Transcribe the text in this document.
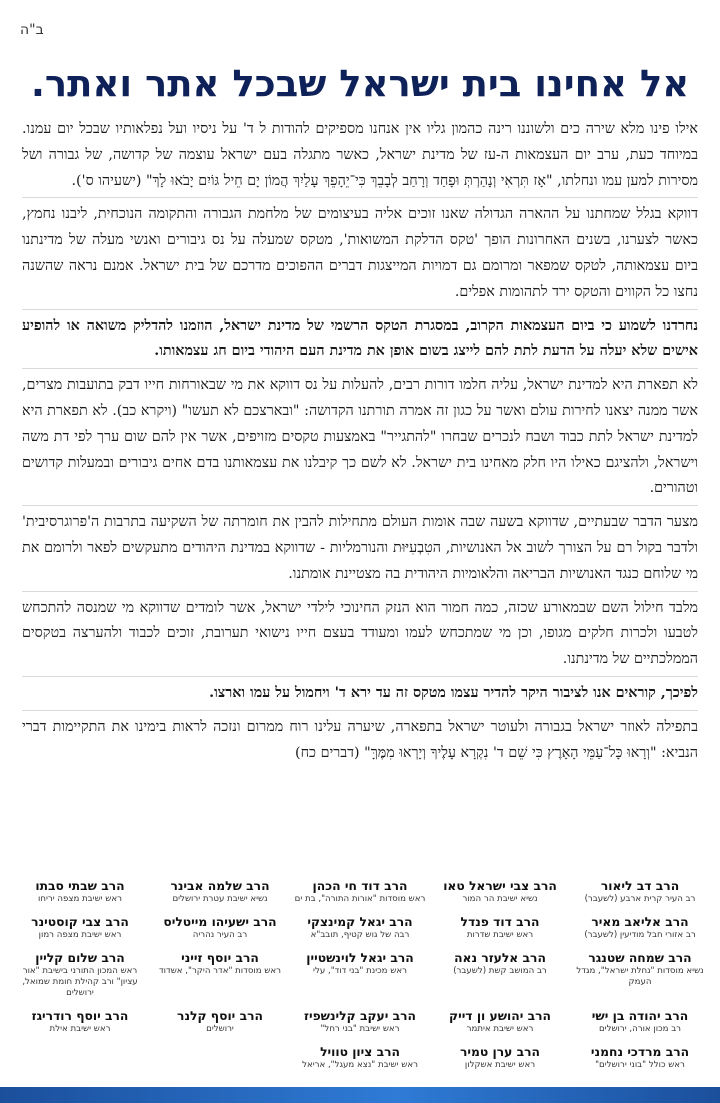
ב"ה
אל אחינו בית ישראל שבכל אתר ואתר.

אילו פינו מלא שירה כים ולשוננו רינה כהמון גליו אין אנחנו מספיקים להודות ל ד' על ניסיו ועל נפלאותיו שבכל יום עמנו. במיוחד כעת, ערב יום העצמאות ה-עז של מדינת ישראל, כאשר מתגלה בעם ישראל עוצמה של קדושה, של גבורה ושל מסירות למען עמו ונחלתו, "אָז תִּרְאִי וְנָהַרְתְּ וּפָחַד וְרָחַב לְבָבֵךְ כִּי־יֵהָפֵךְ עָלַיִךְ הֲמוֹן יָם חֵיל גּוֹיִם יָבֹאוּ לָךְ" (ישעיהו ס').

דווקא בגלל שמחתנו על ההארה הגדולה שאנו זוכים אליה בעיצומים של מלחמת הגבורה והתקומה הנוכחית, ליבנו נחמץ, כאשר לצערנו, בשנים האחרונות הופך 'טקס הדלקת המשואות', מטקס שמעלה על נס גיבורים ואנשי מעלה של מדינתנו ביום עצמאותה, לטקס שמפאר ומרומם גם דמויות המייצגות דברים ההפוכים מדרכם של בית ישראל. אמנם נראה שהשנה נחצו כל הקווים והטקס ירד לתהומות אפלים.

נחרדנו לשמוע כי ביום העצמאות הקרוב, במסגרת הטקס הרשמי של מדינת ישראל, הוזמנו להדליק משואה או להופיע אישים שלא יעלה על הדעת לתת להם לייצג בשום אופן את מדינת העם היהודי ביום חג עצמאותו.

לא תפארת היא למדינת ישראל, עליה חלמו דורות רבים, להעלות על נס דווקא את מי שבאורחות חייו דבק בתועבות מצרים, אשר ממנה יצאנו לחירות עולם ואשר על כגון זה אמרה תורתנו הקדושה: "ובארצכם לא תעשו" (ויקרא כב). לא תפארת היא למדינת ישראל לתת כבוד ושבח לנכרים שבחרו "להתגייר" באמצעות טקסים מזויפים, אשר אין להם שום ערך לפי דת משה וישראל, ולהציגם כאילו היו חלק מאחינו בית ישראל. לא לשם כך קיבלנו את עצמאותנו בדם אחים גיבורים ובמעלות קדושים וטהורים.

מצער הדבר שבעתיים, שדווקא בשעה שבה אומות העולם מתחילות להבין את חומרתה של השקיעה בתרבות ה'פרוגרסיבית' ולדבר בקול רם על הצורך לשוב אל האנושיות, הטִבְעִיּוּת והנורמליות - שדווקא במדינת היהודים מתעקשים לפאר ולרומם את מי שלוחם כנגד האנושיות הבריאה והלאומיות היהודית בה מצטיינת אומתנו.

מלבד חילול השם שבמאורע שכזה, כמה חמור הוא הנזק החינוכי לילדי ישראל, אשר לומדים שדווקא מי שמנסה להתכחש לטבעו ולכרות חלקים מגופו, וכן מי שמתכחש לעמו ומעודד בעצם חייו נישואי תערובת, זוכים לכבוד ולהערצה בטקסים הממלכתיים של מדינתנו.

לפיכך, קוראים אנו לציבור היקר להדיר עצמו מטקס זה עד ירא ד' ויחמול על עמו וארצו.

בתפילה לאוזר ישראל בגבורה ולעוטר ישראל בתפארה, שיערה עלינו רוח ממרום ונזכה לראות בימינו את התקיימות דברי הנביא: "וְרָאוּ כָּל־עַמֵּי הָאָרֶץ כִּי שֵׁם ד' נִקְרָא עָלֶיךָ וְיָרְאוּ מִמֶּךָּ" (דברים כח)

הרב דב ליאור
רב העיר קרית ארבע (לשעבר)
הרב צבי ישראל טאו
נשיא ישיבת הר המור
הרב דוד חי הכהן
ראש מוסדות "אורות התורה", בת ים
הרב שלמה אבינר
נשיא ישיבת עטרת ירושלים
הרב שבתי סבתו
ראש ישיבת מצפה יריחו
הרב אליאב מאיר
רב אזורי חבל מודיעין (לשעבר)
הרב דוד פנדל
ראש ישיבת שדרות
הרב יגאל קמינצקי
רבה של גוש קטיף, תובב"א
הרב ישעיהו מייטליס
רב העיר נהריה
הרב צבי קוסטינר
ראש ישיבת מצפה רמון
הרב שמחה שטנגר
נשיא מוסדות "נחלת ישראל", מגדל העמק
הרב אלעזר נאה
רב המושב קשת (לשעבר)
הרב יגאל לוינשטיין
ראש מכינת "בני דוד", עלי
הרב יוסף זייני
ראש מוסדות "אדר היקר", אשדוד
הרב שלום קליין
ראש המכון התורני בישיבת "אור עציון" ורב קהילת חומת שמואל, ירושלים
הרב יהודה בן ישי
רב מכון אורה, ירושלים
הרב יהושע ון דייק
ראש ישיבת איתמר
הרב יעקב קלינשפיז
ראש ישיבת "בני רחל"
הרב יוסף קלנר
ירושלים
הרב יוסף רודריגז
ראש ישיבת אילת
הרב מרדכי נחמני
ראש כולל "בוני ירושלים"
הרב ערן טמיר
ראש ישיבת אשקלון
הרב ציון טוויל
ראש ישיבת "נצא מעגל", אריאל
